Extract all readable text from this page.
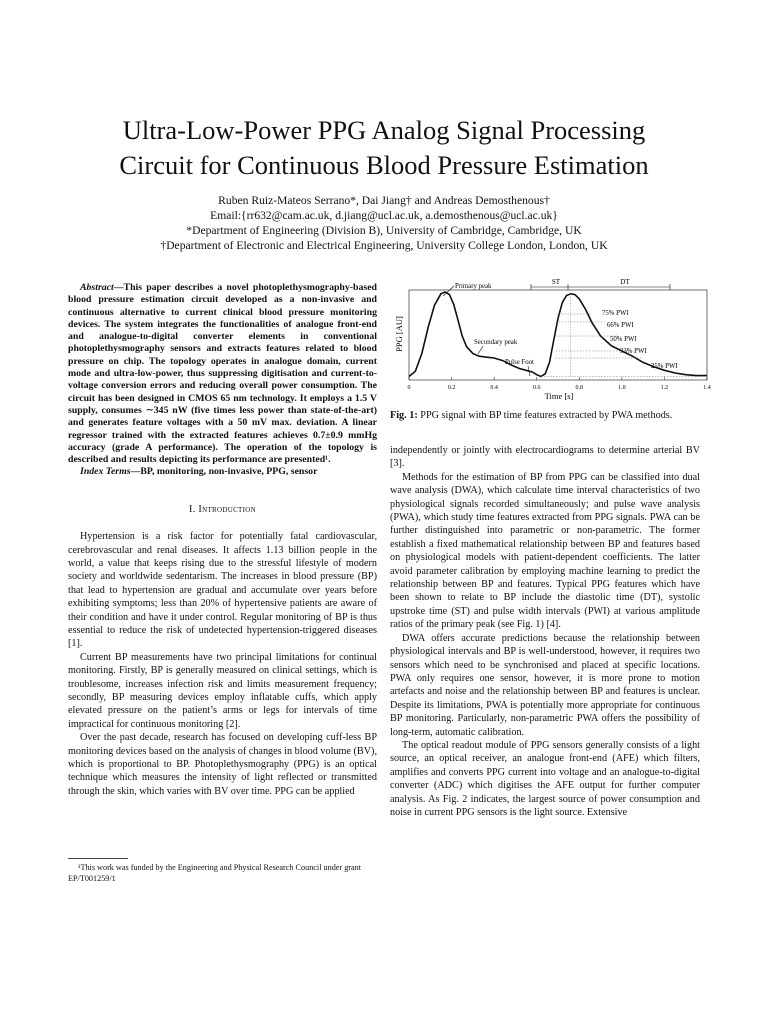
Ultra-Low-Power PPG Analog Signal Processing
Circuit for Continuous Blood Pressure Estimation
Ruben Ruiz-Mateos Serrano*, Dai Jiang† and Andreas Demosthenous†
Email:{rr632@cam.ac.uk, d.jiang@ucl.ac.uk, a.demosthenous@ucl.ac.uk}
*Department of Engineering (Division B), University of Cambridge, Cambridge, UK
†Department of Electronic and Electrical Engineering, University College London, London, UK

Abstract—This paper describes a novel photoplethysmography-based blood pressure estimation circuit developed as a non-invasive and continuous alternative to current clinical blood pressure monitoring devices. The system integrates the functionalities of analogue front-end and analogue-to-digital converter elements in conventional photoplethysmography sensors and extracts features related to blood pressure on chip. The topology operates in analogue domain, current mode and ultra-low-power, thus suppressing digitisation and current-to-voltage conversion errors and reducing overall power consumption. The circuit has been designed in CMOS 65 nm technology. It employs a 1.5 V supply, consumes ∼345 nW (five times less power than state-of-the-art) and generates feature voltages with a 50 mV max. deviation. A linear regressor trained with the extracted features achieves 0.7±0.9 mmHg accuracy (grade A performance). The operation of the topology is described and results depicting its performance are presented¹.

Index Terms—BP, monitoring, non-invasive, PPG, sensor

I. Introduction

Hypertension is a risk factor for potentially fatal cardiovascular, cerebrovascular and renal diseases. It affects 1.13 billion people in the world, a value that keeps rising due to the stressful lifestyle of modern society and worldwide sedentarism. The increases in blood pressure (BP) that lead to hypertension are gradual and accumulate over years before exhibiting symptoms; less than 20% of hypertensive patients are aware of their condition and have it under control. Regular monitoring of BP is thus essential to reduce the risk of undetected hypertension-triggered diseases [1].

Current BP measurements have two principal limitations for continual monitoring. Firstly, BP is generally measured on clinical settings, which is troublesome, increases infection risk and limits measurement frequency; secondly, BP measuring devices employ inflatable cuffs, which apply elevated pressure on the patient’s arms or legs for intervals of time impractical for continuous monitoring [2].

Over the past decade, research has focused on developing cuff-less BP monitoring devices based on the analysis of changes in blood volume (BV), which is proportional to BP. Photoplethysmography (PPG) is an optical technique which measures the intensity of light reflected or transmitted through the skin, which varies with BV over time. PPG can be applied

¹This work was funded by the Engineering and Physical Research Council under grant EP/T001259/1
0	0.2	0.4	0.6	0.8	1.0	1.2	1.4
PPG [AU]
Time [s]
Primary peak
Secondary peak
Pulse Foot
ST	DT
75% PWI
66% PWI
50% PWI
33% PWI
25% PWI
Fig. 1: PPG signal with BP time features extracted by PWA methods.

independently or jointly with electrocardiograms to determine arterial BV [3].

Methods for the estimation of BP from PPG can be classified into dual wave analysis (DWA), which calculate time interval characteristics of two physiological signals recorded simultaneously; and pulse wave analysis (PWA), which study time features extracted from PPG signals. PWA can be further distinguished into parametric or non-parametric. The former establish a fixed mathematical relationship between BP and features based on physiological models with patient-dependent coefficients. The latter avoid parameter calibration by employing machine learning to predict the relationship between BP and features. Typical PPG features which have been shown to relate to BP include the diastolic time (DT), systolic upstroke time (ST) and pulse width intervals (PWI) at various amplitude ratios of the primary peak (see Fig. 1) [4].

DWA offers accurate predictions because the relationship between physiological intervals and BP is well-understood, however, it requires two sensors which need to be synchronised and placed at specific locations. PWA only requires one sensor, however, it is more prone to motion artefacts and noise and the relationship between BP and features is unclear. Despite its limitations, PWA is potentially more appropriate for continuous BP monitoring. Particularly, non-parametric PWA offers the possibility of long-term, automatic calibration.

The optical readout module of PPG sensors generally consists of a light source, an optical receiver, an analogue front-end (AFE) which filters, amplifies and converts PPG current into voltage and an analogue-to-digital converter (ADC) which digitises the AFE output for further computer analysis. As Fig. 2 indicates, the largest source of power consumption and noise in current PPG sensors is the light source. Extensive
